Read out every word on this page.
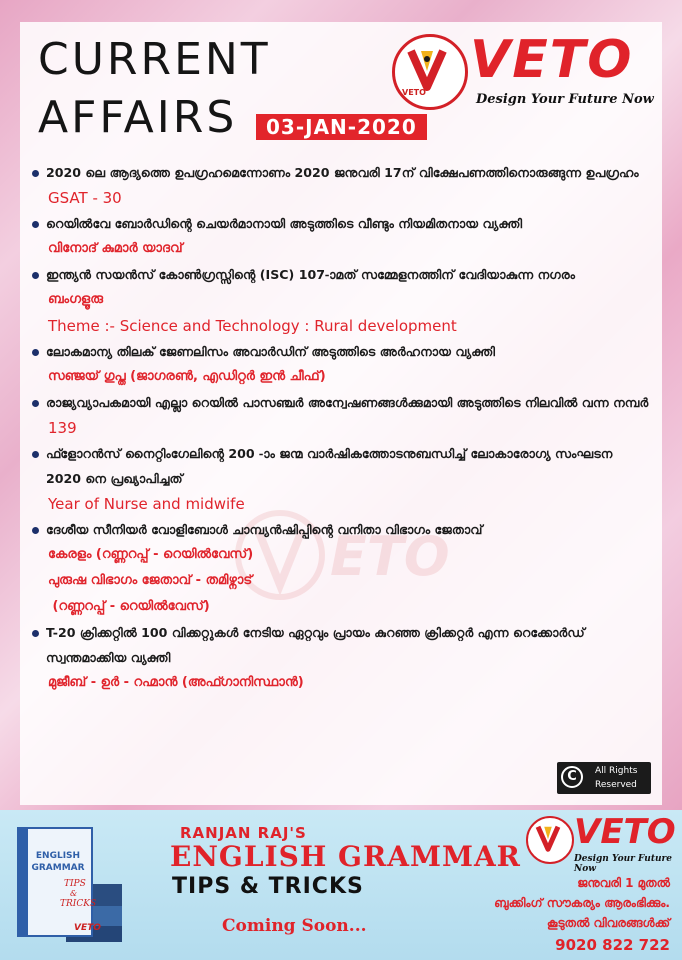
ETO
CURRENT
AFFAIRS	03-JAN-2020
VETO
VETO
Design Your Future Now
2020 ലെ ആദ്യത്തെ ഉപഗ്രഹമെന്നോണം 2020 ജനുവരി 17ന് വിക്ഷേപണത്തിനൊരുങ്ങുന്ന ഉപഗ്രഹം
GSAT - 30
റെയിൽവേ ബോർഡിന്റെ ചെയർമാനായി അടുത്തിടെ വീണ്ടും നിയമിതനായ വ്യക്തി
വിനോദ് കുമാർ യാദവ്
ഇന്ത്യൻ സയൻസ് കോൺഗ്രസ്സിന്റെ (ISC) 107-ാമത് സമ്മേളനത്തിന് വേദിയാകുന്ന നഗരം
ബംഗളൂരു
Theme :- Science and Technology : Rural development
ലോകമാന്യ തിലക് ജേണലിസം അവാർഡിന് അടുത്തിടെ അർഹനായ വ്യക്തി
സഞ്ജയ് ഗുപ്ത (ജാഗരൺ, എഡിറ്റർ ഇൻ ചീഫ്)
രാജ്യവ്യാപകമായി എല്ലാ റെയിൽ പാസഞ്ചർ അന്വേഷണങ്ങൾക്കുമായി അടുത്തിടെ നിലവിൽ വന്ന നമ്പർ
139
ഫ്ളോറൻസ് നൈറ്റിംഗേലിന്റെ 200 -ാം ജന്മ വാർഷികത്തോടനുബന്ധിച്ച് ലോകാരോഗ്യ സംഘടന 2020 നെ പ്രഖ്യാപിച്ചത്
Year of Nurse and midwife
ദേശീയ സീനിയർ വോളിബോൾ ചാമ്പ്യൻഷിപ്പിന്റെ വനിതാ വിഭാഗം ജേതാവ്
കേരളം (റണ്ണറപ്പ് - റെയിൽവേസ്)
പുരുഷ വിഭാഗം ജേതാവ് - തമിഴ്നാട്
(റണ്ണറപ്പ് - റെയിൽവേസ്)
T-20 ക്രിക്കറ്റിൽ 100 വിക്കറ്റുകൾ നേടിയ ഏറ്റവും പ്രായം കുറഞ്ഞ ക്രിക്കറ്റർ എന്ന റെക്കോർഡ് സ്വന്തമാക്കിയ വ്യക്തി
മുജീബ് - ഉർ - റഹ്മാൻ (അഫ്ഗാനിസ്ഥാൻ)
C	All Rights
Reserved
ENGLISH
GRAMMAR
TIPS
&
TRICKS
VETO
RANJAN RAJ'S
ENGLISH GRAMMAR
TIPS & TRICKS
Coming Soon...
VETO
Design Your Future Now
ജനുവരി 1 മുതൽ
ബുക്കിംഗ് സൗകര്യം ആരംഭിക്കും.
കൂടുതൽ വിവരങ്ങൾക്ക്
9020 822 722
